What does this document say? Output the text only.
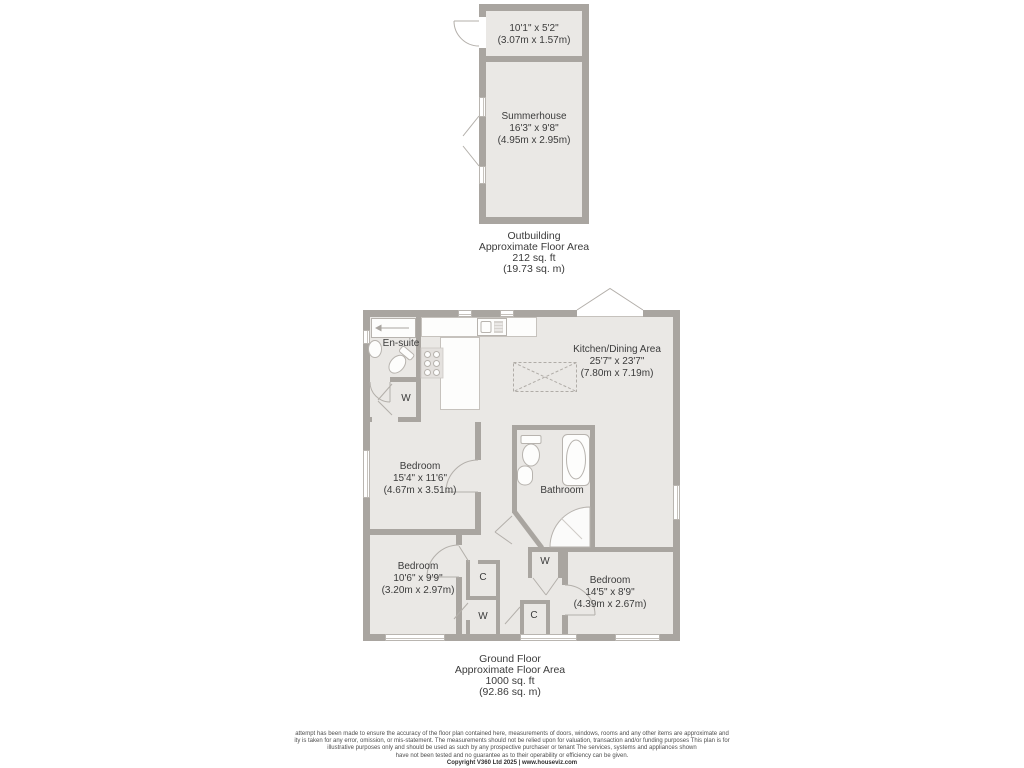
10'1" x 5'2"
(3.07m x 1.57m)
Summerhouse
16'3" x 9'8"
(4.95m x 2.95m)
Outbuilding
Approximate Floor Area
212 sq. ft
(19.73 sq. m)
En-suite
W
Kitchen/Dining Area
25'7" x 23'7"
(7.80m x 7.19m)
Bedroom
15'4" x 11'6"
(4.67m x 3.51m)	Bathroom
Bedroom
10'6" x 9'9"
(3.20m x 2.97m)
Bedroom
14'5" x 8'9"
(4.39m x 2.67m)
C
W
W
C
Ground Floor
Approximate Floor Area
1000 sq. ft
(92.86 sq. m)
attempt has been made to ensure the accuracy of the floor plan contained here, measurements of doors, windows, rooms and any other items are approximate and
ity is taken for any error, omission, or mis-statement. The measurements should not be relied upon for valuation, transaction and/or funding purposes This plan is for
illustrative purposes only and should be used as such by any prospective purchaser or tenant The services, systems and appliances shown
have not been tested and no guarantee as to their operability or efficiency can be given.
Copyright V360 Ltd 2025 | www.houseviz.com
